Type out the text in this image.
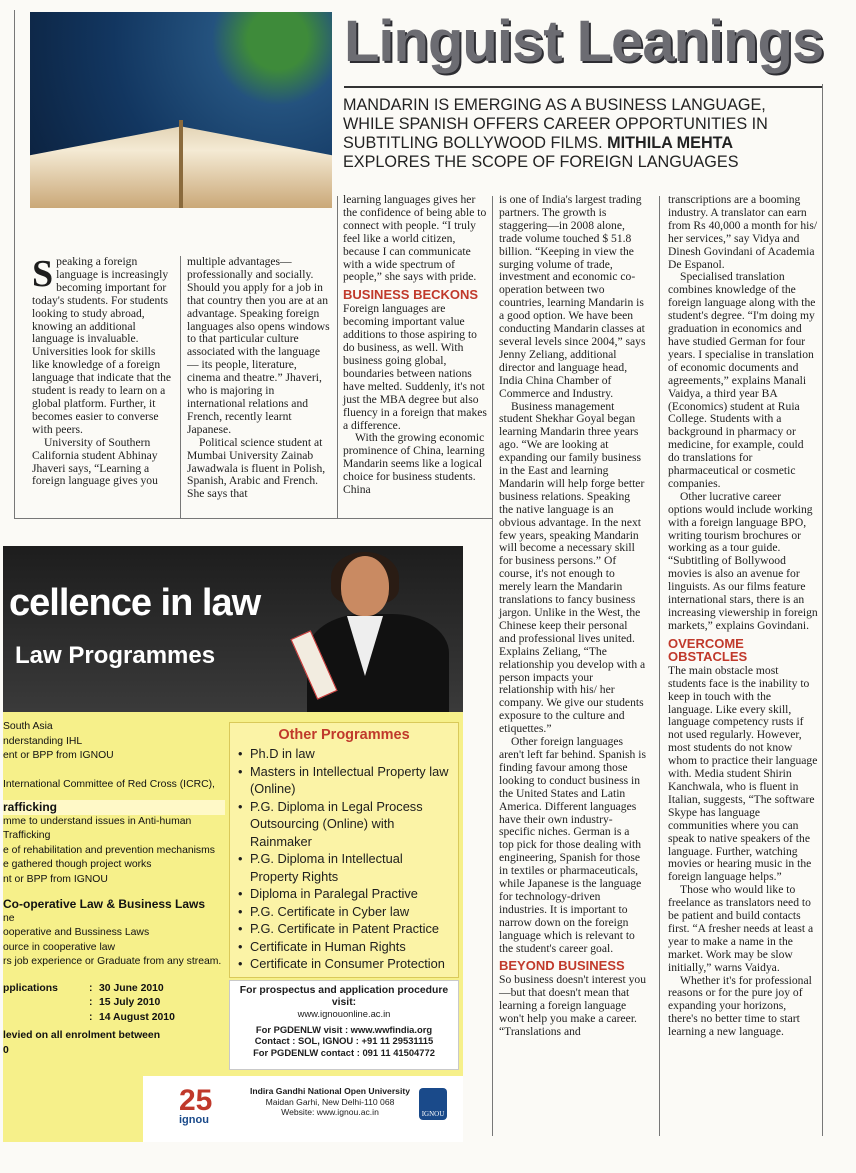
Linguist Leanings
MANDARIN IS EMERGING AS A BUSINESS LANGUAGE, WHILE SPANISH OFFERS CAREER OPPORTUNITIES IN SUBTITLING BOLLYWOOD FILMS. MITHILA MEHTA EXPLORES THE SCOPE OF FOREIGN LANGUAGES

Speaking a foreign language is increasingly becoming important for today's students. For students looking to study abroad, knowing an additional language is invaluable. Universities look for skills like knowledge of a foreign language that indicate that the student is ready to learn on a global platform. Further, it becomes easier to converse with peers.

University of Southern California student Abhinay Jhaveri says, “Learning a foreign language gives you

multiple advantages—professionally and socially. Should you apply for a job in that country then you are at an advantage. Speaking foreign languages also opens windows to that particular culture associated with the language — its people, literature, cinema and theatre.” Jhaveri, who is majoring in international relations and French, recently learnt Japanese.

Political science student at Mumbai University Zainab Jawadwala is fluent in Polish, Spanish, Arabic and French. She says that

learning languages gives her the confidence of being able to connect with people. “I truly feel like a world citizen, because I can communicate with a wide spectrum of people,” she says with pride.

BUSINESS BECKONS

Foreign languages are becoming important value additions to those aspiring to do business, as well. With business going global, boundaries between nations have melted. Suddenly, it's not just the MBA degree but also fluency in a foreign that makes a difference.

With the growing economic prominence of China, learning Mandarin seems like a logical choice for business students. China

is one of India's largest trading partners. The growth is staggering—in 2008 alone, trade volume touched $ 51.8 billion. “Keeping in view the surging volume of trade, investment and economic co-operation between two countries, learning Mandarin is a good option. We have been conducting Mandarin classes at several levels since 2004,” says Jenny Zeliang, additional director and language head, India China Chamber of Commerce and Industry.

Business management student Shekhar Goyal began learning Mandarin three years ago. “We are looking at expanding our family business in the East and learning Mandarin will help forge better business relations. Speaking the native language is an obvious advantage. In the next few years, speaking Mandarin will become a necessary skill for business persons.” Of course, it's not enough to merely learn the Mandarin translations to fancy business jargon. Unlike in the West, the Chinese keep their personal and professional lives united. Explains Zeliang, “The relationship you develop with a person impacts your relationship with his/ her company. We give our students exposure to the culture and etiquettes.”

Other foreign languages aren't left far behind. Spanish is finding favour among those looking to conduct business in the United States and Latin America. Different languages have their own industry-specific niches. German is a top pick for those dealing with engineering, Spanish for those in textiles or pharmaceuticals, while Japanese is the language for technology-driven industries. It is important to narrow down on the foreign language which is relevant to the student's career goal.

BEYOND BUSINESS

So business doesn't interest you—but that doesn't mean that learning a foreign language won't help you make a career.

“Translations and

transcriptions are a booming industry. A translator can earn from Rs 40,000 a month for his/ her services,” say Vidya and Dinesh Govindani of Academia De Espanol.

Specialised translation combines knowledge of the foreign language along with the student's degree. “I'm doing my graduation in economics and have studied German for four years. I specialise in translation of economic documents and agreements,” explains Manali Vaidya, a third year BA (Economics) student at Ruia College. Students with a background in pharmacy or medicine, for example, could do translations for pharmaceutical or cosmetic companies.

Other lucrative career options would include working with a foreign language BPO, writing tourism brochures or working as a tour guide. “Subtitling of Bollywood movies is also an avenue for linguists. As our films feature international stars, there is an increasing viewership in foreign markets,” explains Govindani.

OVERCOME OBSTACLES

The main obstacle most students face is the inability to keep in touch with the language. Like every skill, language competency rusts if not used regularly. However, most students do not know whom to practice their language with. Media student Shirin Kanchwala, who is fluent in Italian, suggests, “The software Skype has language communities where you can speak to native speakers of the language. Further, watching movies or hearing music in the foreign language helps.”

Those who would like to freelance as translators need to be patient and build contacts first. “A fresher needs at least a year to make a name in the market. Work may be slow initially,” warns Vaidya.

Whether it's for professional reasons or for the pure joy of expanding your horizons, there's no better time to start learning a new language.

cellence in law
Law Programmes
South Asia
nderstanding IHL
ent or BPP from IGNOU
International Committee of Red Cross (ICRC),
rafficking
mme to understand issues in Anti-human Trafficking
e of rehabilitation and prevention mechanisms
e gathered though project works
nt or BPP from IGNOU
Co-operative Law & Business Laws
ne
ooperative and Bussiness Laws
ource in cooperative law
rs job experience or Graduate from any stream.
pplications	: 30 June 2010
: 15 July 2010
: 14 August 2010
levied on all enrolment between
0
Other Programmes
• Ph.D in law
• Masters in Intellectual Property law (Online)
• P.G. Diploma in Legal Process Outsourcing (Online) with Rainmaker
• P.G. Diploma in Intellectual Property Rights
• Diploma in Paralegal Practive
• P.G. Certificate in Cyber law
• P.G. Certificate in Patent Practice
• Certificate in Human Rights
• Certificate in Consumer Protection
For prospectus and application procedure visit:
www.ignouonline.ac.in
For PGDENLW visit : www.wwfindia.org
Contact : SOL, IGNOU : +91 11 29531115
For PGDENLW contact : 091 11 41504772
25
ignou
Indira Gandhi National Open University
Maidan Garhi, New Delhi-110 068
Website: www.ignou.ac.in	IGNOU
